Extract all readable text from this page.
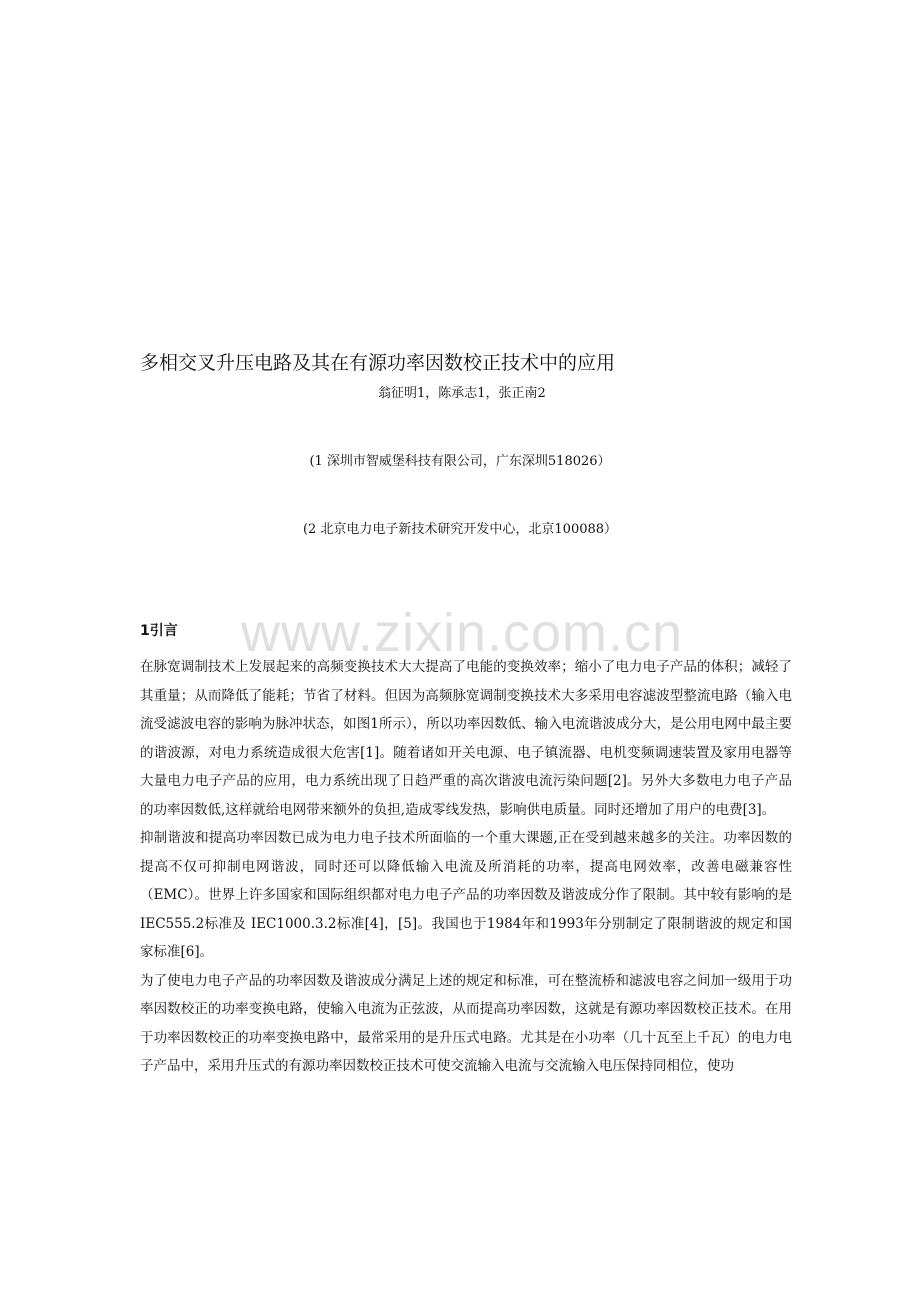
www.zixin.com.cn
多相交叉升压电路及其在有源功率因数校正技术中的应用
翁征明1，陈承志1，张正南2
(1 深圳市智威堡科技有限公司，广东深圳518026）
(2 北京电力电子新技术研究开发中心，北京100088）
1引言

在脉宽调制技术上发展起来的高频变换技术大大提高了电能的变换效率；缩小了电力电子产品的体积；减轻了其重量；从而降低了能耗；节省了材料。但因为高频脉宽调制变换技术大多采用电容滤波型整流电路（输入电流受滤波电容的影响为脉冲状态，如图1所示），所以功率因数低、输入电流谐波成分大，是公用电网中最主要的谐波源，对电力系统造成很大危害[1]。随着诸如开关电源、电子镇流器、电机变频调速装置及家用电器等大量电力电子产品的应用，电力系统出现了日趋严重的高次谐波电流污染问题[2]。另外大多数电力电子产品的功率因数低,这样就给电网带来额外的负担,造成零线发热，影响供电质量。同时还增加了用户的电费[3]。

抑制谐波和提高功率因数已成为电力电子技术所面临的一个重大课题,正在受到越来越多的关注。功率因数的提高不仅可抑制电网谐波，同时还可以降低输入电流及所消耗的功率，提高电网效率，改善电磁兼容性（EMC）。世界上许多国家和国际组织都对电力电子产品的功率因数及谐波成分作了限制。其中较有影响的是 IEC555.2标准及 IEC1000.3.2标准[4]，[5]。我国也于1984年和1993年分别制定了限制谐波的规定和国家标准[6]。

为了使电力电子产品的功率因数及谐波成分满足上述的规定和标准，可在整流桥和滤波电容之间加一级用于功率因数校正的功率变换电路，使输入电流为正弦波，从而提高功率因数，这就是有源功率因数校正技术。在用于功率因数校正的功率变换电路中，最常采用的是升压式电路。尤其是在小功率（几十瓦至上千瓦）的电力电子产品中，采用升压式的有源功率因数校正技术可使交流输入电流与交流输入电压保持同相位，使功
